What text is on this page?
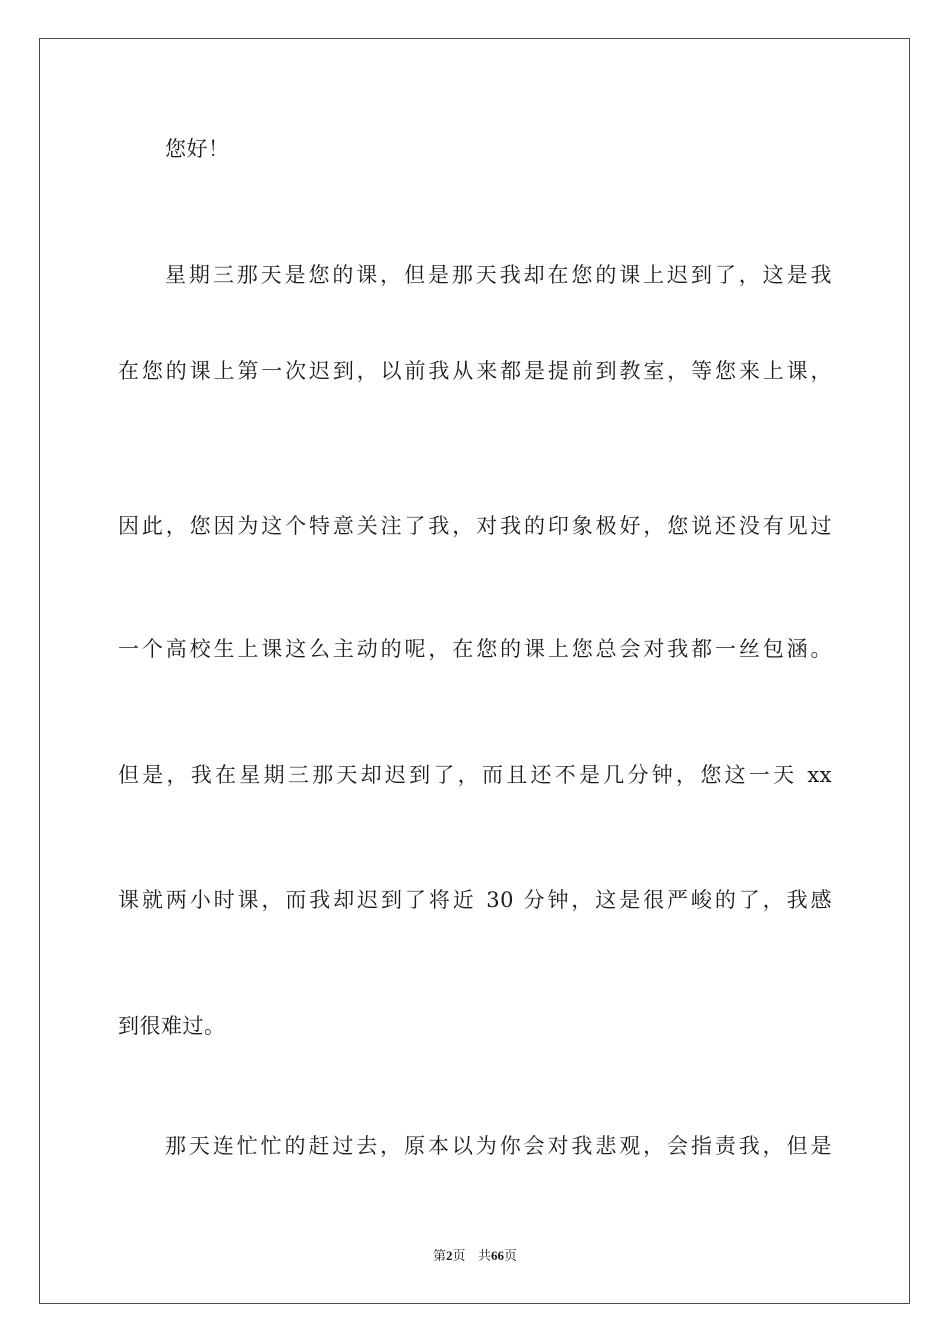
您好！
星期三那天是您的课，但是那天我却在您的课上迟到了，这是我
在您的课上第一次迟到，以前我从来都是提前到教室，等您来上课，
因此，您因为这个特意关注了我，对我的印象极好，您说还没有见过
一个高校生上课这么主动的呢，在您的课上您总会对我都一丝包涵。
但是，我在星期三那天却迟到了，而且还不是几分钟，您这一天 xx
课就两小时课，而我却迟到了将近 30 分钟，这是很严峻的了，我感
到很难过。
那天连忙忙的赶过去，原本以为你会对我悲观，会指责我，但是
第2页 共66页
